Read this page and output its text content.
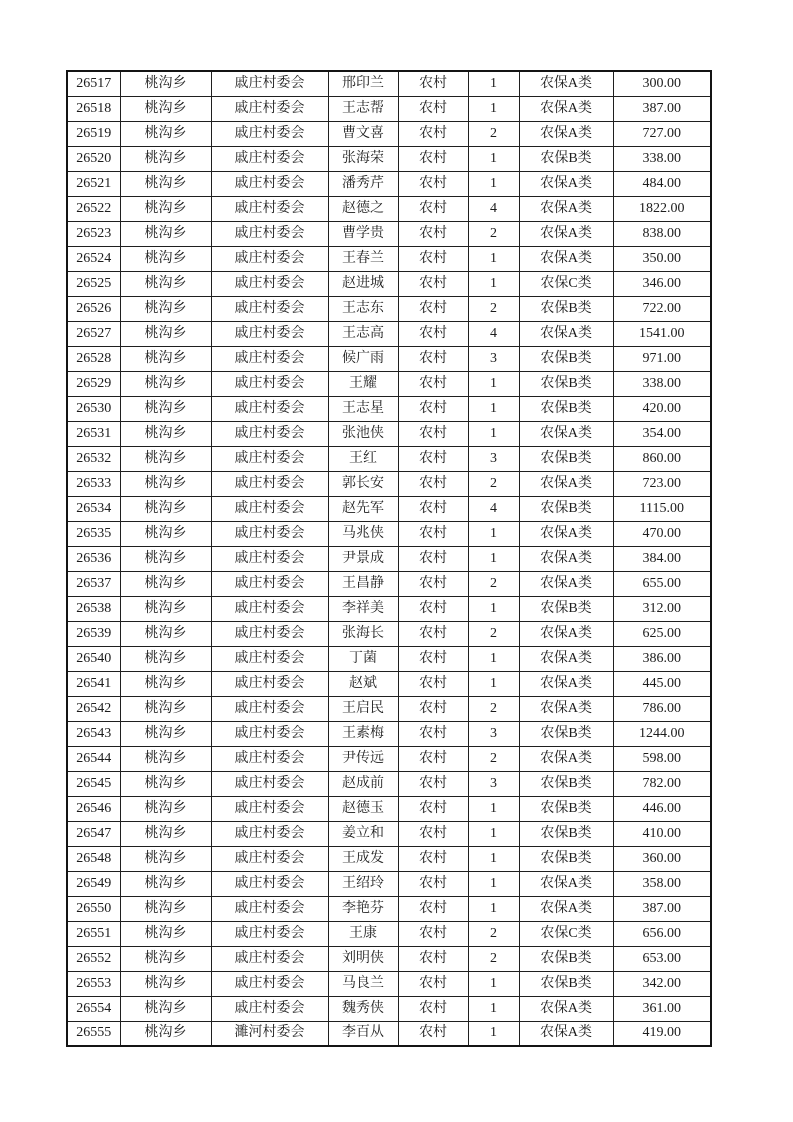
26517	桃沟乡	戚庄村委会	邢印兰	农村	1	农保A类	300.00
26518	桃沟乡	戚庄村委会	王志帮	农村	1	农保A类	387.00
26519	桃沟乡	戚庄村委会	曹文喜	农村	2	农保A类	727.00
26520	桃沟乡	戚庄村委会	张海荣	农村	1	农保B类	338.00
26521	桃沟乡	戚庄村委会	潘秀芹	农村	1	农保A类	484.00
26522	桃沟乡	戚庄村委会	赵德之	农村	4	农保A类	1822.00
26523	桃沟乡	戚庄村委会	曹学贵	农村	2	农保A类	838.00
26524	桃沟乡	戚庄村委会	王春兰	农村	1	农保A类	350.00
26525	桃沟乡	戚庄村委会	赵进城	农村	1	农保C类	346.00
26526	桃沟乡	戚庄村委会	王志东	农村	2	农保B类	722.00
26527	桃沟乡	戚庄村委会	王志高	农村	4	农保A类	1541.00
26528	桃沟乡	戚庄村委会	候广雨	农村	3	农保B类	971.00
26529	桃沟乡	戚庄村委会	王耀	农村	1	农保B类	338.00
26530	桃沟乡	戚庄村委会	王志星	农村	1	农保B类	420.00
26531	桃沟乡	戚庄村委会	张池侠	农村	1	农保A类	354.00
26532	桃沟乡	戚庄村委会	王红	农村	3	农保B类	860.00
26533	桃沟乡	戚庄村委会	郭长安	农村	2	农保A类	723.00
26534	桃沟乡	戚庄村委会	赵先军	农村	4	农保B类	1115.00
26535	桃沟乡	戚庄村委会	马兆侠	农村	1	农保A类	470.00
26536	桃沟乡	戚庄村委会	尹景成	农村	1	农保A类	384.00
26537	桃沟乡	戚庄村委会	王昌静	农村	2	农保A类	655.00
26538	桃沟乡	戚庄村委会	李祥美	农村	1	农保B类	312.00
26539	桃沟乡	戚庄村委会	张海长	农村	2	农保A类	625.00
26540	桃沟乡	戚庄村委会	丁菌	农村	1	农保A类	386.00
26541	桃沟乡	戚庄村委会	赵斌	农村	1	农保A类	445.00
26542	桃沟乡	戚庄村委会	王启民	农村	2	农保A类	786.00
26543	桃沟乡	戚庄村委会	王素梅	农村	3	农保B类	1244.00
26544	桃沟乡	戚庄村委会	尹传远	农村	2	农保A类	598.00
26545	桃沟乡	戚庄村委会	赵成前	农村	3	农保B类	782.00
26546	桃沟乡	戚庄村委会	赵德玉	农村	1	农保B类	446.00
26547	桃沟乡	戚庄村委会	姜立和	农村	1	农保B类	410.00
26548	桃沟乡	戚庄村委会	王成发	农村	1	农保B类	360.00
26549	桃沟乡	戚庄村委会	王绍玲	农村	1	农保A类	358.00
26550	桃沟乡	戚庄村委会	李艳芬	农村	1	农保A类	387.00
26551	桃沟乡	戚庄村委会	王康	农村	2	农保C类	656.00
26552	桃沟乡	戚庄村委会	刘明侠	农村	2	农保B类	653.00
26553	桃沟乡	戚庄村委会	马良兰	农村	1	农保B类	342.00
26554	桃沟乡	戚庄村委会	魏秀侠	农村	1	农保A类	361.00
26555	桃沟乡	濉河村委会	李百从	农村	1	农保A类	419.00
